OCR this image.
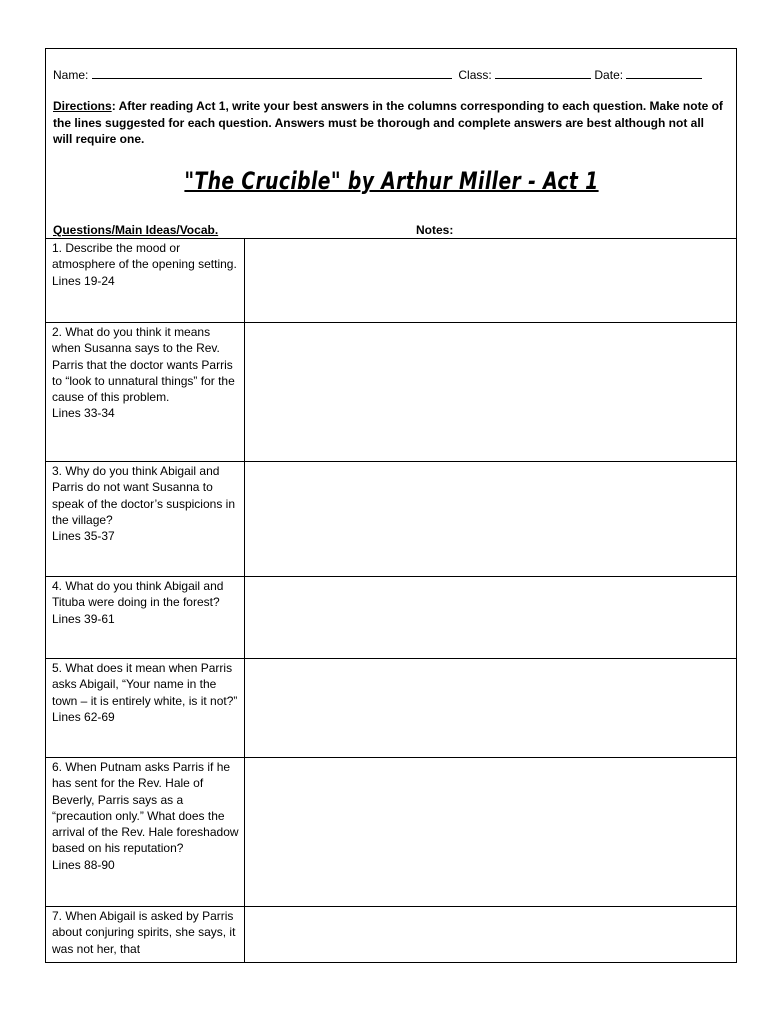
Name:	Class:	Date:
Directions: After reading Act 1, write your best answers in the columns corresponding to each question. Make note of the lines suggested for each question. Answers must be thorough and complete answers are best although not all will require one.
"The Crucible" by Arthur Miller - Act 1
Questions/Main Ideas/Vocab.	Notes:
1. Describe the mood or atmosphere of the opening setting.
Lines 19-24	

2. What do you think it means when Susanna says to the Rev. Parris that the doctor wants Parris to “look to unnatural things” for the cause of this problem.
Lines 33-34	

3. Why do you think Abigail and Parris do not want Susanna to speak of the doctor’s suspicions in the village?
Lines 35-37	

4. What do you think Abigail and Tituba were doing in the forest?
Lines 39-61	

5. What does it mean when Parris asks Abigail, “Your name in the town – it is entirely white, is it not?”
Lines 62-69	

6. When Putnam asks Parris if he has sent for the Rev. Hale of Beverly, Parris says as a “precaution only.” What does the arrival of the Rev. Hale foreshadow based on his reputation?
Lines 88-90	

7. When Abigail is asked by Parris about conjuring spirits, she says, it was not her, that	
